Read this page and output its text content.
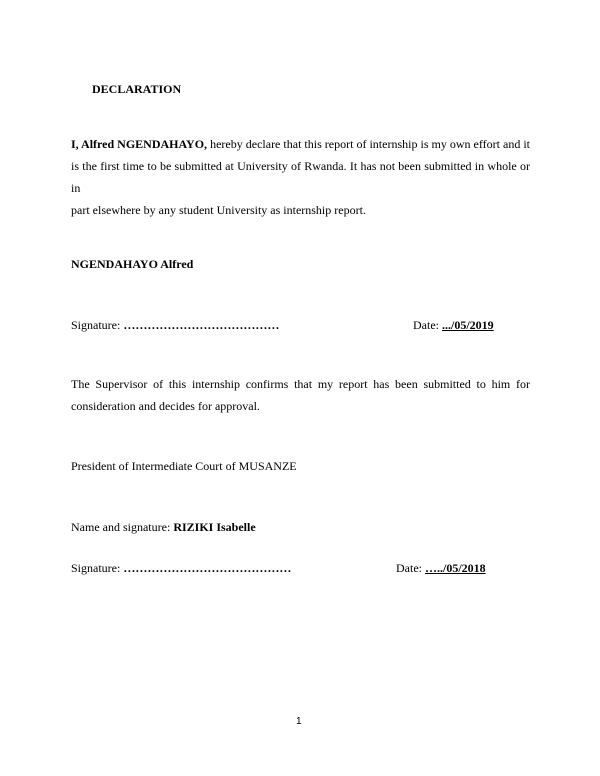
DECLARATION
I, Alfred NGENDAHAYO, hereby declare that this report of internship is my own effort and it
is the first time to be submitted at University of Rwanda. It has not been submitted in whole or in
part elsewhere by any student University as internship report.
NGENDAHAYO Alfred
Signature: …………………………………	Date: .../05/2019
The Supervisor of this internship confirms that my report has been submitted to him for
consideration and decides for approval.
President of Intermediate Court of MUSANZE
Name and signature: RIZIKI Isabelle
Signature: ……………………………………	Date: …../05/2018
1
